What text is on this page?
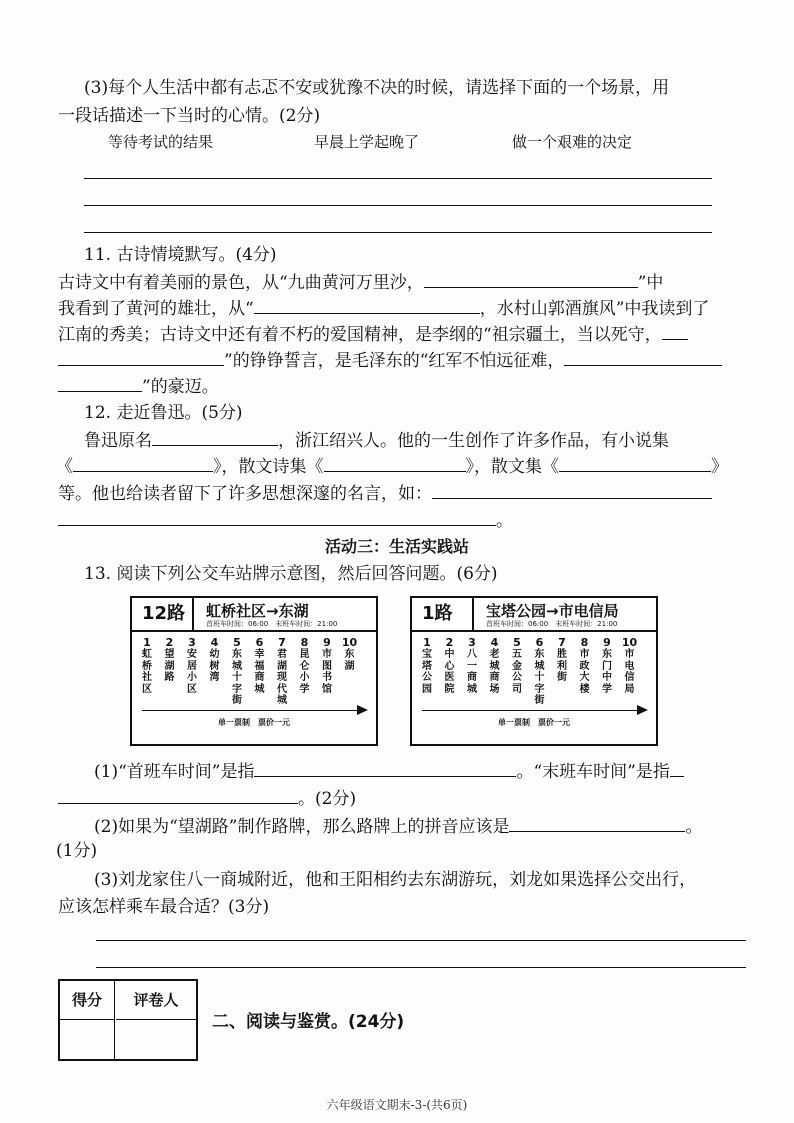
(3)每个人生活中都有忐忑不安或犹豫不决的时候，请选择下面的一个场景，用
一段话描述一下当时的心情。(2分)
等待考试的结果	早晨上学起晚了	做一个艰难的决定
11. 古诗情境默写。(4分)
古诗文中有着美丽的景色，从“九曲黄河万里沙，	”中
我看到了黄河的雄壮，从“	，水村山郭酒旗风”中我读到了
江南的秀美；古诗文中还有着不朽的爱国精神，是李纲的“祖宗疆土，当以死守，
”的铮铮誓言，是毛泽东的“红军不怕远征难，
”的豪迈。
12. 走近鲁迅。(5分)
鲁迅原名	，浙江绍兴人。他的一生创作了许多作品，有小说集
《	》，散文诗集《	》，散文集《	》
等。他也给读者留下了许多思想深邃的名言，如：
。
活动三：生活实践站
13. 阅读下列公交车站牌示意图，然后回答问题。(6分)
12路	虹桥社区→东湖
首班车时间：06:00　末班车时间：21:00
1
虹桥社区
2
望湖路
3
安居小区
4
幼树湾
5
东城十字街
6
幸福商城
7
君湖现代城
8
昆仑小学
9
市图书馆
10
东湖
单一票制　票价一元
1路	宝塔公园→市电信局
首班车时间：06:00　末班车时间：21:00
1
宝塔公园
2
中心医院
3
八一商城
4
老城商场
5
五金公司
6
东城十字街
7
胜利街
8
市政大楼
9
东门中学
10
市电信局
单一票制　票价一元
(1)“首班车时间”是指	。“末班车时间”是指
。(2分)
(2)如果为“望湖路”制作路牌，那么路牌上的拼音应该是	。
(1分)
(3)刘龙家住八一商城附近，他和王阳相约去东湖游玩，刘龙如果选择公交出行，
应该怎样乘车最合适？(3分)
得分	评卷人
二、阅读与鉴赏。(24分)
六年级语文期末-3-(共6页)
